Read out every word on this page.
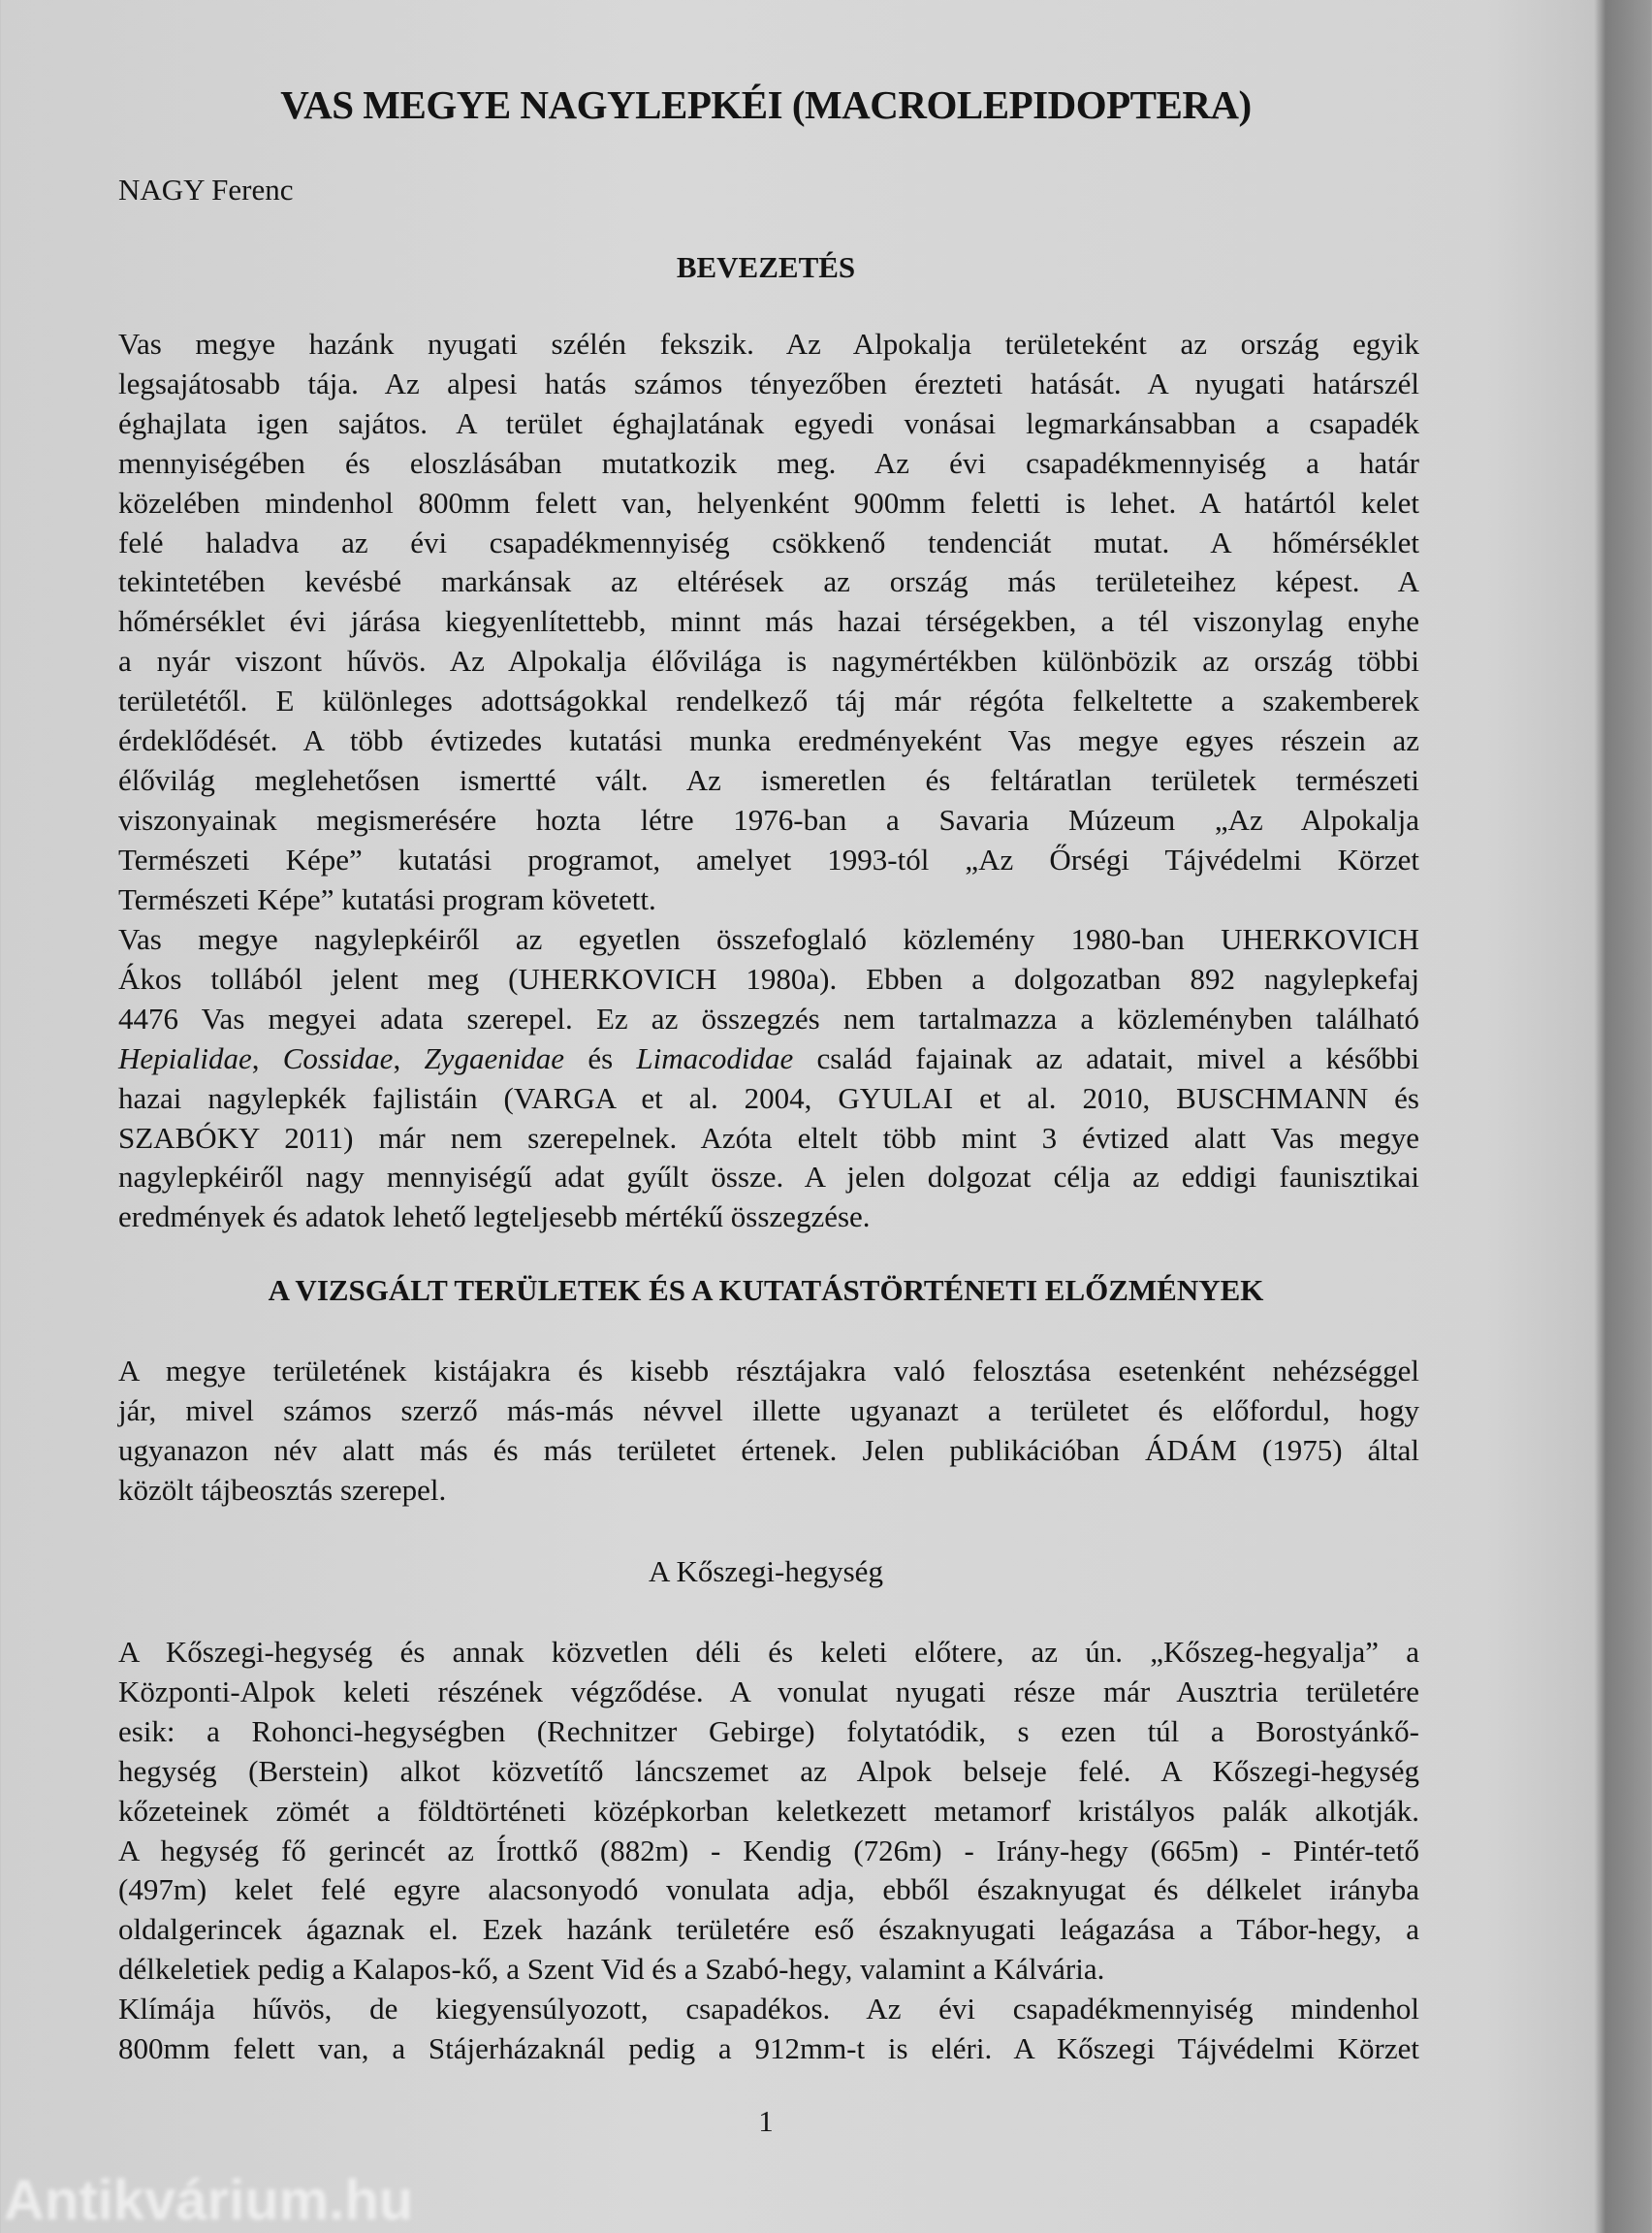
VAS MEGYE NAGYLEPKÉI (MACROLEPIDOPTERA)
NAGY Ferenc
BEVEZETÉS
Vas megye hazánk nyugati szélén fekszik. Az Alpokalja területeként az ország egyik
legsajátosabb tája. Az alpesi hatás számos tényezőben érezteti hatását. A nyugati határszél
éghajlata igen sajátos. A terület éghajlatának egyedi vonásai legmarkánsabban a csapadék
mennyiségében és eloszlásában mutatkozik meg. Az évi csapadékmennyiség a határ
közelében mindenhol 800mm felett van, helyenként 900mm feletti is lehet. A határtól kelet
felé haladva az évi csapadékmennyiség csökkenő tendenciát mutat. A hőmérséklet
tekintetében kevésbé markánsak az eltérések az ország más területeihez képest. A
hőmérséklet évi járása kiegyenlítettebb, minnt más hazai térségekben, a tél viszonylag enyhe
a nyár viszont hűvös. Az Alpokalja élővilága is nagymértékben különbözik az ország többi
területétől. E különleges adottságokkal rendelkező táj már régóta felkeltette a szakemberek
érdeklődését. A több évtizedes kutatási munka eredményeként Vas megye egyes részein az
élővilág meglehetősen ismertté vált. Az ismeretlen és feltáratlan területek természeti
viszonyainak megismerésére hozta létre 1976-ban a Savaria Múzeum „Az Alpokalja
Természeti Képe” kutatási programot, amelyet 1993-tól „Az Őrségi Tájvédelmi Körzet
Természeti Képe” kutatási program követett.
Vas megye nagylepkéiről az egyetlen összefoglaló közlemény 1980-ban UHERKOVICH
Ákos tollából jelent meg (UHERKOVICH 1980a). Ebben a dolgozatban 892 nagylepkefaj
4476 Vas megyei adata szerepel. Ez az összegzés nem tartalmazza a közleményben található
Hepialidae, Cossidae, Zygaenidae és Limacodidae család fajainak az adatait, mivel a későbbi
hazai nagylepkék fajlistáin (VARGA et al. 2004, GYULAI et al. 2010, BUSCHMANN és
SZABÓKY 2011) már nem szerepelnek. Azóta eltelt több mint 3 évtized alatt Vas megye
nagylepkéiről nagy mennyiségű adat gyűlt össze. A jelen dolgozat célja az eddigi faunisztikai
eredmények és adatok lehető legteljesebb mértékű összegzése.
A VIZSGÁLT TERÜLETEK ÉS A KUTATÁSTÖRTÉNETI ELŐZMÉNYEK
A megye területének kistájakra és kisebb résztájakra való felosztása esetenként nehézséggel
jár, mivel számos szerző más-más névvel illette ugyanazt a területet és előfordul, hogy
ugyanazon név alatt más és más területet értenek. Jelen publikációban ÁDÁM (1975) által
közölt tájbeosztás szerepel.
A Kőszegi-hegység
A Kőszegi-hegység és annak közvetlen déli és keleti előtere, az ún. „Kőszeg-hegyalja” a
Központi-Alpok keleti részének végződése. A vonulat nyugati része már Ausztria területére
esik: a Rohonci-hegységben (Rechnitzer Gebirge) folytatódik, s ezen túl a Borostyánkő-
hegység (Berstein) alkot közvetítő láncszemet az Alpok belseje felé. A Kőszegi-hegység
kőzeteinek zömét a földtörténeti középkorban keletkezett metamorf kristályos palák alkotják.
A hegység fő gerincét az Írottkő (882m) - Kendig (726m) - Irány-hegy (665m) - Pintér-tető
(497m) kelet felé egyre alacsonyodó vonulata adja, ebből északnyugat és délkelet irányba
oldalgerincek ágaznak el. Ezek hazánk területére eső északnyugati leágazása a Tábor-hegy, a
délkeletiek pedig a Kalapos-kő, a Szent Vid és a Szabó-hegy, valamint a Kálvária.
Klímája hűvös, de kiegyensúlyozott, csapadékos. Az évi csapadékmennyiség mindenhol
800mm felett van, a Stájerházaknál pedig a 912mm-t is eléri. A Kőszegi Tájvédelmi Körzet
1
Antikvárium.hu
